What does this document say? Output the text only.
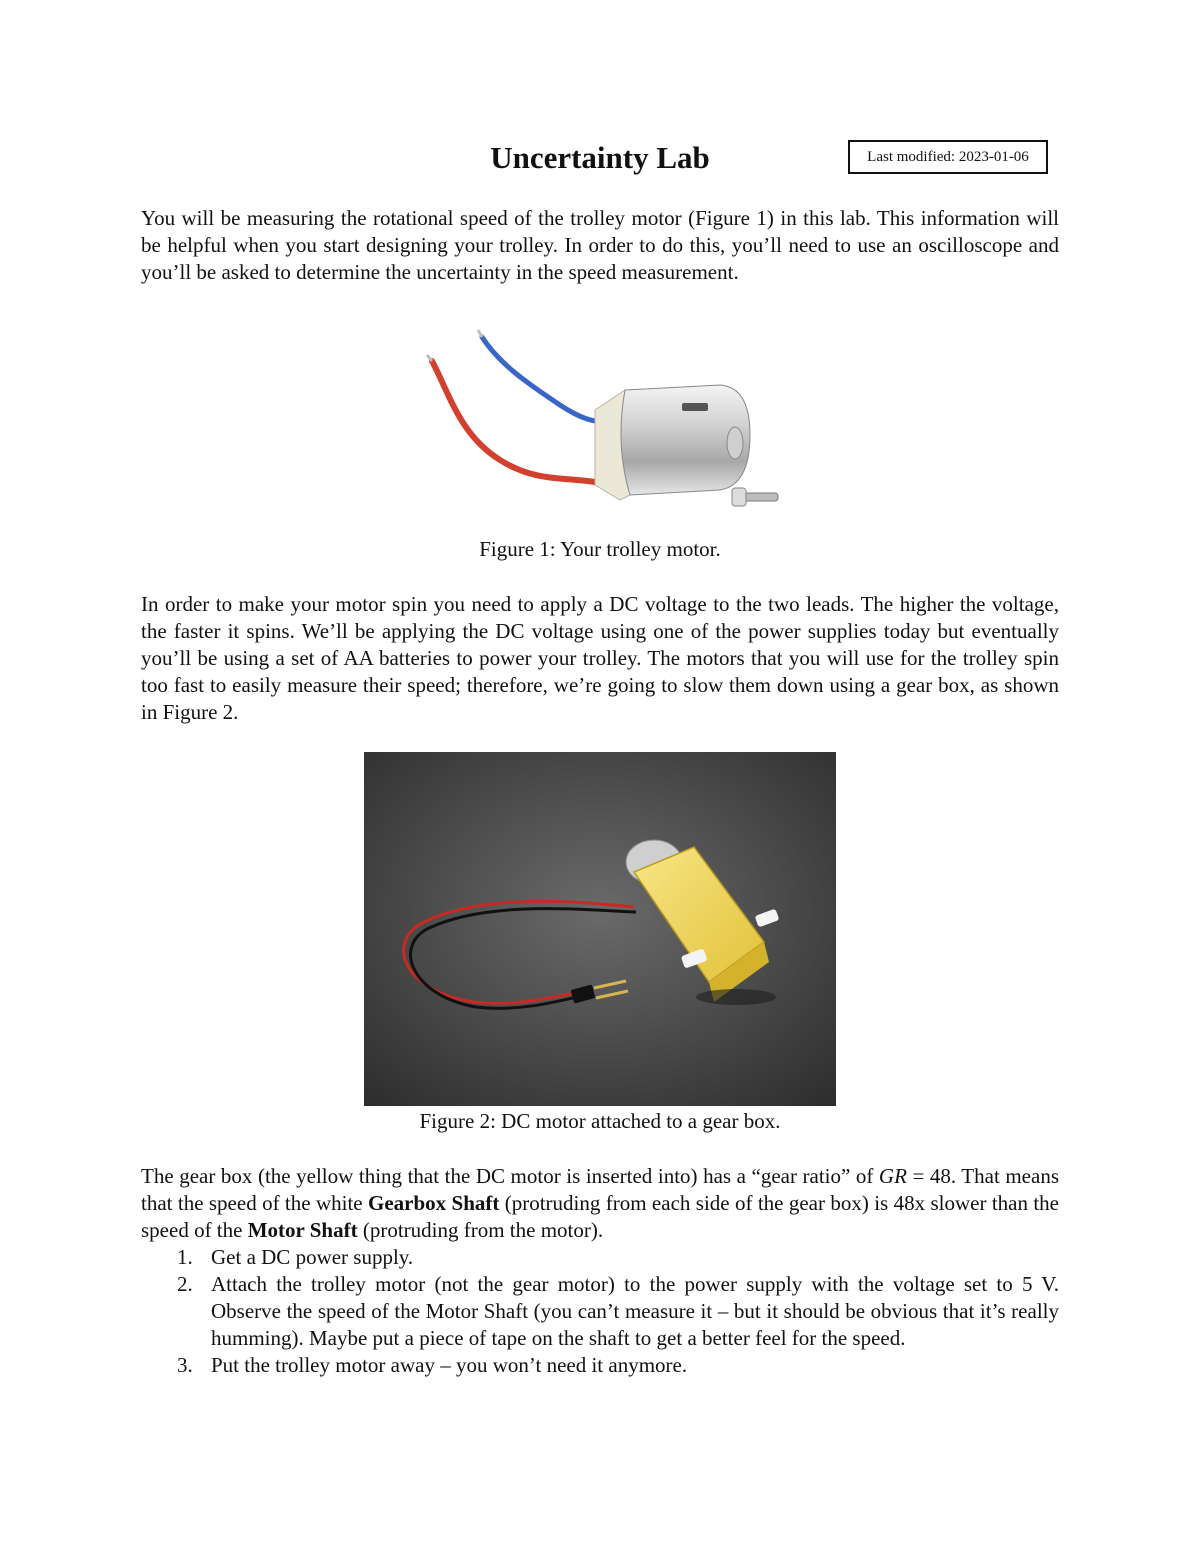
Uncertainty Lab	Last modified: 2023-01-06

You will be measuring the rotational speed of the trolley motor (Figure 1) in this lab. This information will be helpful when you start designing your trolley. In order to do this, you’ll need to use an oscilloscope and you’ll be asked to determine the uncertainty in the speed measurement.

Figure 1: Your trolley motor.

In order to make your motor spin you need to apply a DC voltage to the two leads. The higher the voltage, the faster it spins. We’ll be applying the DC voltage using one of the power supplies today but eventually you’ll be using a set of AA batteries to power your trolley. The motors that you will use for the trolley spin too fast to easily measure their speed; therefore, we’re going to slow them down using a gear box, as shown in Figure 2.

Figure 2: DC motor attached to a gear box.

The gear box (the yellow thing that the DC motor is inserted into) has a “gear ratio” of GR = 48. That means that the speed of the white Gearbox Shaft (protruding from each side of the gear box) is 48x slower than the speed of the Motor Shaft (protruding from the motor).

1. Get a DC power supply.
2. Attach the trolley motor (not the gear motor) to the power supply with the voltage set to 5 V. Observe the speed of the Motor Shaft (you can’t measure it – but it should be obvious that it’s really humming). Maybe put a piece of tape on the shaft to get a better feel for the speed.
3. Put the trolley motor away – you won’t need it anymore.
